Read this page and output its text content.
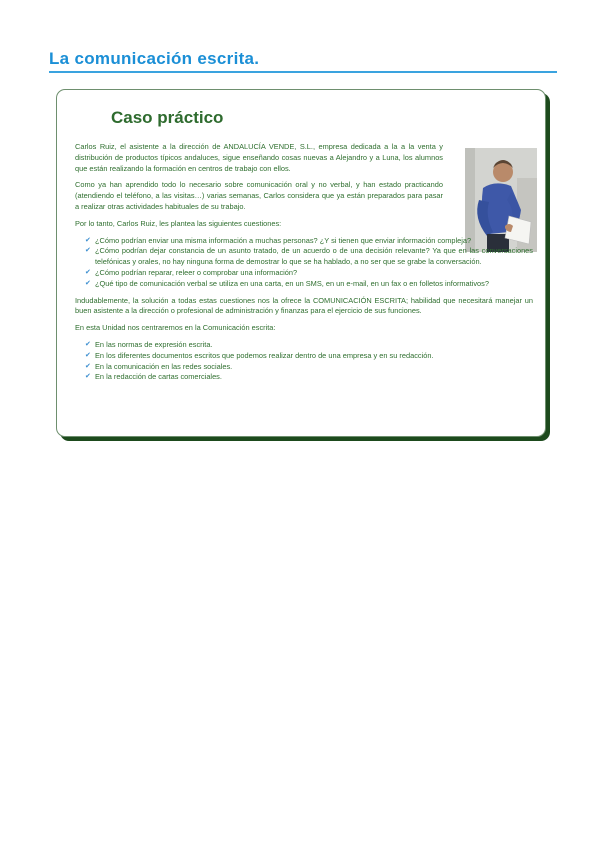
La comunicación escrita.
Caso práctico

Carlos Ruiz, el asistente a la dirección de ANDALUCÍA VENDE, S.L., empresa dedicada a la a la venta y distribución de productos típicos andaluces, sigue enseñando cosas nuevas a Alejandro y a Luna, los alumnos que están realizando la formación en centros de trabajo con ellos.

Como ya han aprendido todo lo necesario sobre comunicación oral y no verbal, y han estado practicando (atendiendo el teléfono, a las visitas…) varias semanas, Carlos considera que ya están preparados para pasar a realizar otras actividades habituales de su trabajo.

Por lo tanto, Carlos Ruiz, les plantea las siguientes cuestiones:

✔ ¿Cómo podrían enviar una misma información a muchas personas? ¿Y si tienen que enviar información compleja?
✔ ¿Cómo podrían dejar constancia de un asunto tratado, de un acuerdo o de una decisión relevante? Ya que en las conversaciones telefónicas y orales, no hay ninguna forma de demostrar lo que se ha hablado, a no ser que se grabe la conversación.
✔ ¿Cómo podrían reparar, releer o comprobar una información?
✔ ¿Qué tipo de comunicación verbal se utiliza en una carta, en un SMS, en un e-mail, en un fax o en folletos informativos?

Indudablemente, la solución a todas estas cuestiones nos la ofrece la COMUNICACIÓN ESCRITA; habilidad que necesitará manejar un buen asistente a la dirección o profesional de administración y finanzas para el ejercicio de sus funciones.

En esta Unidad nos centraremos en la Comunicación escrita:

✔ En las normas de expresión escrita.
✔ En los diferentes documentos escritos que podemos realizar dentro de una empresa y en su redacción.
✔ En la comunicación en las redes sociales.
✔ En la redacción de cartas comerciales.
